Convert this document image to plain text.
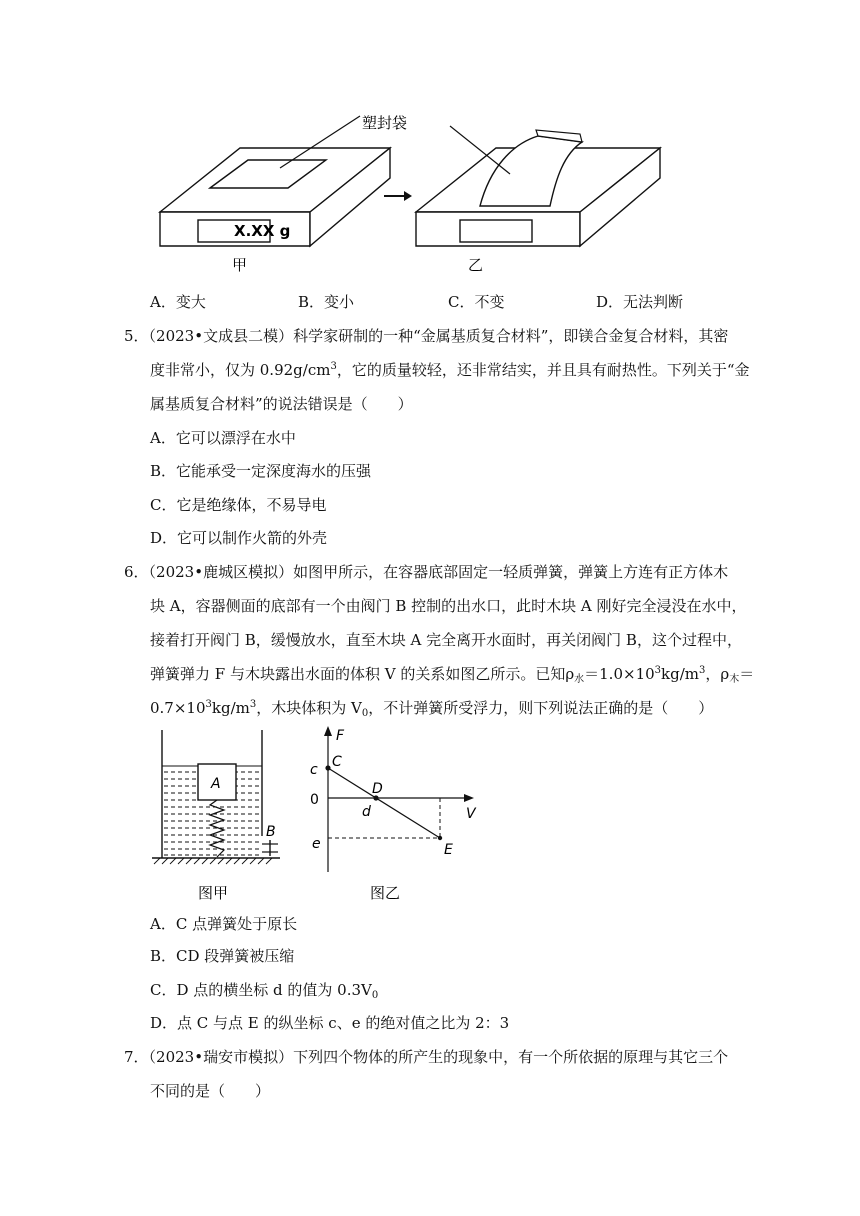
X.XX g
甲
塑封袋
乙
A．变大	B．变小	C．不变	D．无法判断
5．（2023•文成县二模）科学家研制的一种“金属基质复合材料”，即镁合金复合材料，其密
度非常小，仅为 $0.92g/cm^3$，它的质量较轻，还非常结实，并且具有耐热性。下列关于“金
属基质复合材料”的说法错误是（　　）
A．它可以漂浮在水中
B．它能承受一定深度海水的压强
C．它是绝缘体，不易导电
D．它可以制作火箭的外壳
6．（2023•鹿城区模拟）如图甲所示，在容器底部固定一轻质弹簧，弹簧上方连有正方体木
块 A，容器侧面的底部有一个由阀门 B 控制的出水口，此时木块 A 刚好完全浸没在水中，
接着打开阀门 B，缓慢放水，直至木块 A 完全离开水面时，再关闭阀门 B，这个过程中，
弹簧弹力 F 与木块露出水面的体积 V 的关系如图乙所示。已知$\rho_水=1.0\times 10^3kg/m^3$，$\rho_木=$
$0.7\times 10^3kg/m^3$，木块体积为 $V_0$，不计弹簧所受浮力，则下列说法正确的是（　　）
A
B
图甲
F
C
c
D
0
d	V
e	E
图乙
A．C 点弹簧处于原长
B．CD 段弹簧被压缩
C．D 点的横坐标 d 的值为 $0.3V_0$
D．点 C 与点 E 的纵坐标 c、e 的绝对值之比为 2：3
7．（2023•瑞安市模拟）下列四个物体的所产生的现象中，有一个所依据的原理与其它三个
不同的是（　　）
